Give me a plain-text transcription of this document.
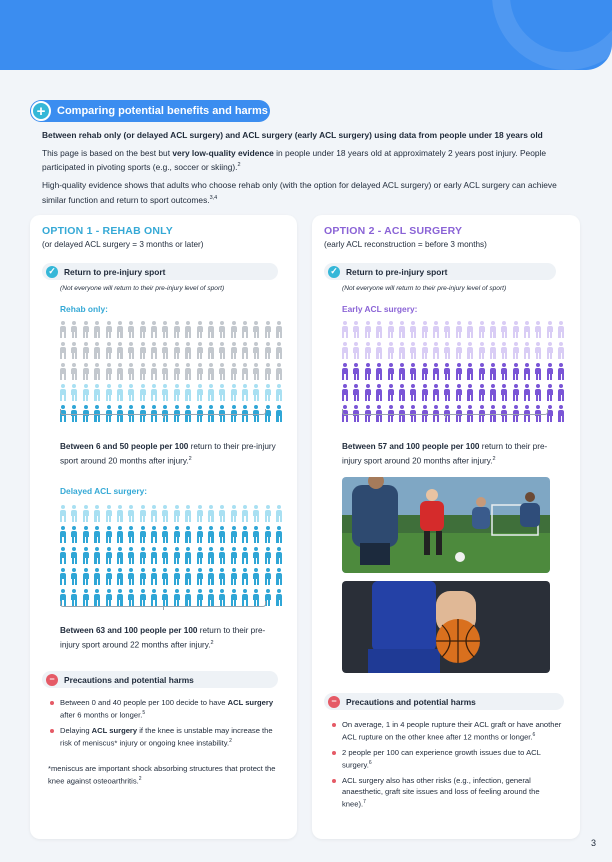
+	Comparing potential benefits and harms

Between rehab only (or delayed ACL surgery) and ACL surgery (early ACL surgery) using data from people under 18 years old

This page is based on the best but very low-quality evidence in people under 18 years old at approximately 2 years post injury. People participated in pivoting sports (e.g., soccer or skiing).$^2$

High-quality evidence shows that adults who choose rehab only (with the option for delayed ACL surgery) or early ACL surgery can achieve similar function and return to sport outcomes.$^{3,4}$

OPTION 1 - REHAB ONLY
(or delayed ACL surgery = 3 months or later)
✓ Return to pre-injury sport
(Not everyone will return to their pre-injury level of sport)
Rehab only:
Between 6 and 50 people per 100 return to their pre-injury sport around 20 months after injury.$^2$
Delayed ACL surgery:
Between 63 and 100 people per 100 return to their pre-injury sport around 22 months after injury.$^2$
−	Precautions and potential harms
Between 0 and 40 people per 100 decide to have ACL surgery after 6 months or longer.$^5$
Delaying ACL surgery if the knee is unstable may increase the risk of meniscus* injury or ongoing knee instability.$^2$
*meniscus are important shock absorbing structures that protect the knee against osteoarthritis.$^2$
OPTION 2 - ACL SURGERY
(early ACL reconstruction = before 3 months)
✓ Return to pre-injury sport
(Not everyone will return to their pre-injury level of sport)
Early ACL surgery:
Between 57 and 100 people per 100 return to their pre-injury sport around 20 months after injury.$^2$
−	Precautions and potential harms
On average, 1 in 4 people rupture their ACL graft or have another ACL rupture on the other knee after 12 months or longer.$^6$
2 people per 100 can experience growth issues due to ACL surgery.$^6$
ACL surgery also has other risks (e.g., infection, general anaesthetic, graft site issues and loss of feeling around the knee).$^7$
3
